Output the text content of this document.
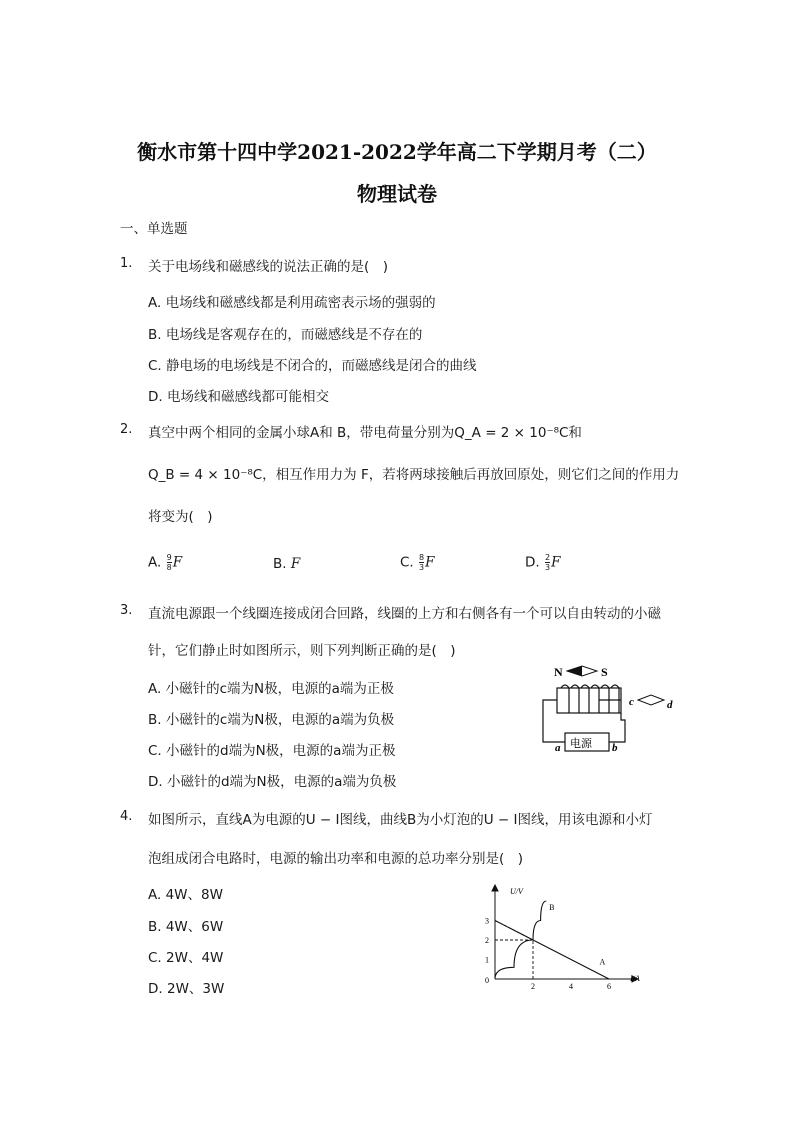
衡水市第十四中学2021-2022学年高二下学期月考（二）
物理试卷
一、单选题
1. 关于电场线和磁感线的说法正确的是(　)
A. 电场线和磁感线都是利用疏密表示场的强弱的
B. 电场线是客观存在的，而磁感线是不存在的
C. 静电场的电场线是不闭合的，而磁感线是闭合的曲线
D. 电场线和磁感线都可能相交
2. 真空中两个相同的金属小球A和 B，带电荷量分别为Q_A = 2 × 10⁻⁸C和
Q_B = 4 × 10⁻⁸C，相互作用力为 F，若将两球接触后再放回原处，则它们之间的作用力
将变为(　)
A. $\frac{9}{8}$ F	B. F	C. $\frac{8}{3}$ F	D. $\frac{2}{3}$ F
3. 直流电源跟一个线圈连接成闭合回路，线圈的上方和右侧各有一个可以自由转动的小磁
针，它们静止时如图所示，则下列判断正确的是(　)
A. 小磁针的c端为N极，电源的a端为正极
B. 小磁针的c端为N极，电源的a端为负极
C. 小磁针的d端为N极，电源的a端为正极
D. 小磁针的d端为N极，电源的a端为负极
N	S
电源
a	b
c	d
4. 如图所示，直线A为电源的U − I图线，曲线B为小灯泡的U − I图线，用该电源和小灯
泡组成闭合电路时，电源的输出功率和电源的总功率分别是(　)
A. 4W、8W
B. 4W、6W
C. 2W、4W
D. 2W、3W
U/V
I/A
0
2	4	6
1
2
3
A
B
